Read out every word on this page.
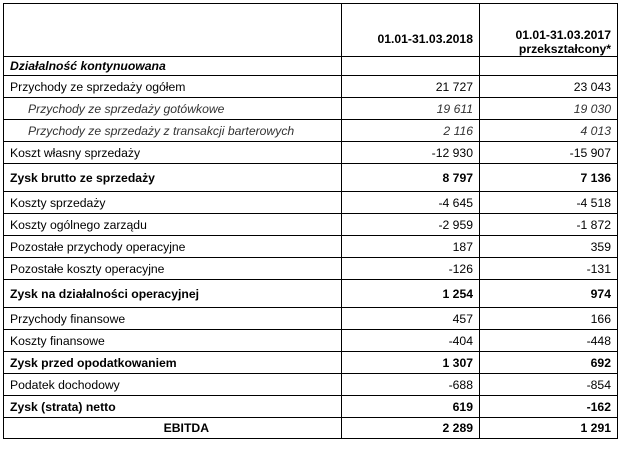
	01.01-31.03.2018	01.01-31.03.2017
przekształcony*

Działalność kontynuowana		
Przychody ze sprzedaży ogółem	21 727	23 043
Przychody ze sprzedaży gotówkowe	19 611	19 030
Przychody ze sprzedaży z transakcji barterowych	2 116	4 013
Koszt własny sprzedaży	-12 930	-15 907
Zysk brutto ze sprzedaży	8 797	7 136
Koszty sprzedaży	-4 645	-4 518
Koszty ogólnego zarządu	-2 959	-1 872
Pozostałe przychody operacyjne	187	359
Pozostałe koszty operacyjne	-126	-131
Zysk na działalności operacyjnej	1 254	974
Przychody finansowe	457	166
Koszty finansowe	-404	-448
Zysk przed opodatkowaniem	1 307	692
Podatek dochodowy	-688	-854
Zysk (strata) netto	619	-162
EBITDA	2 289	1 291
